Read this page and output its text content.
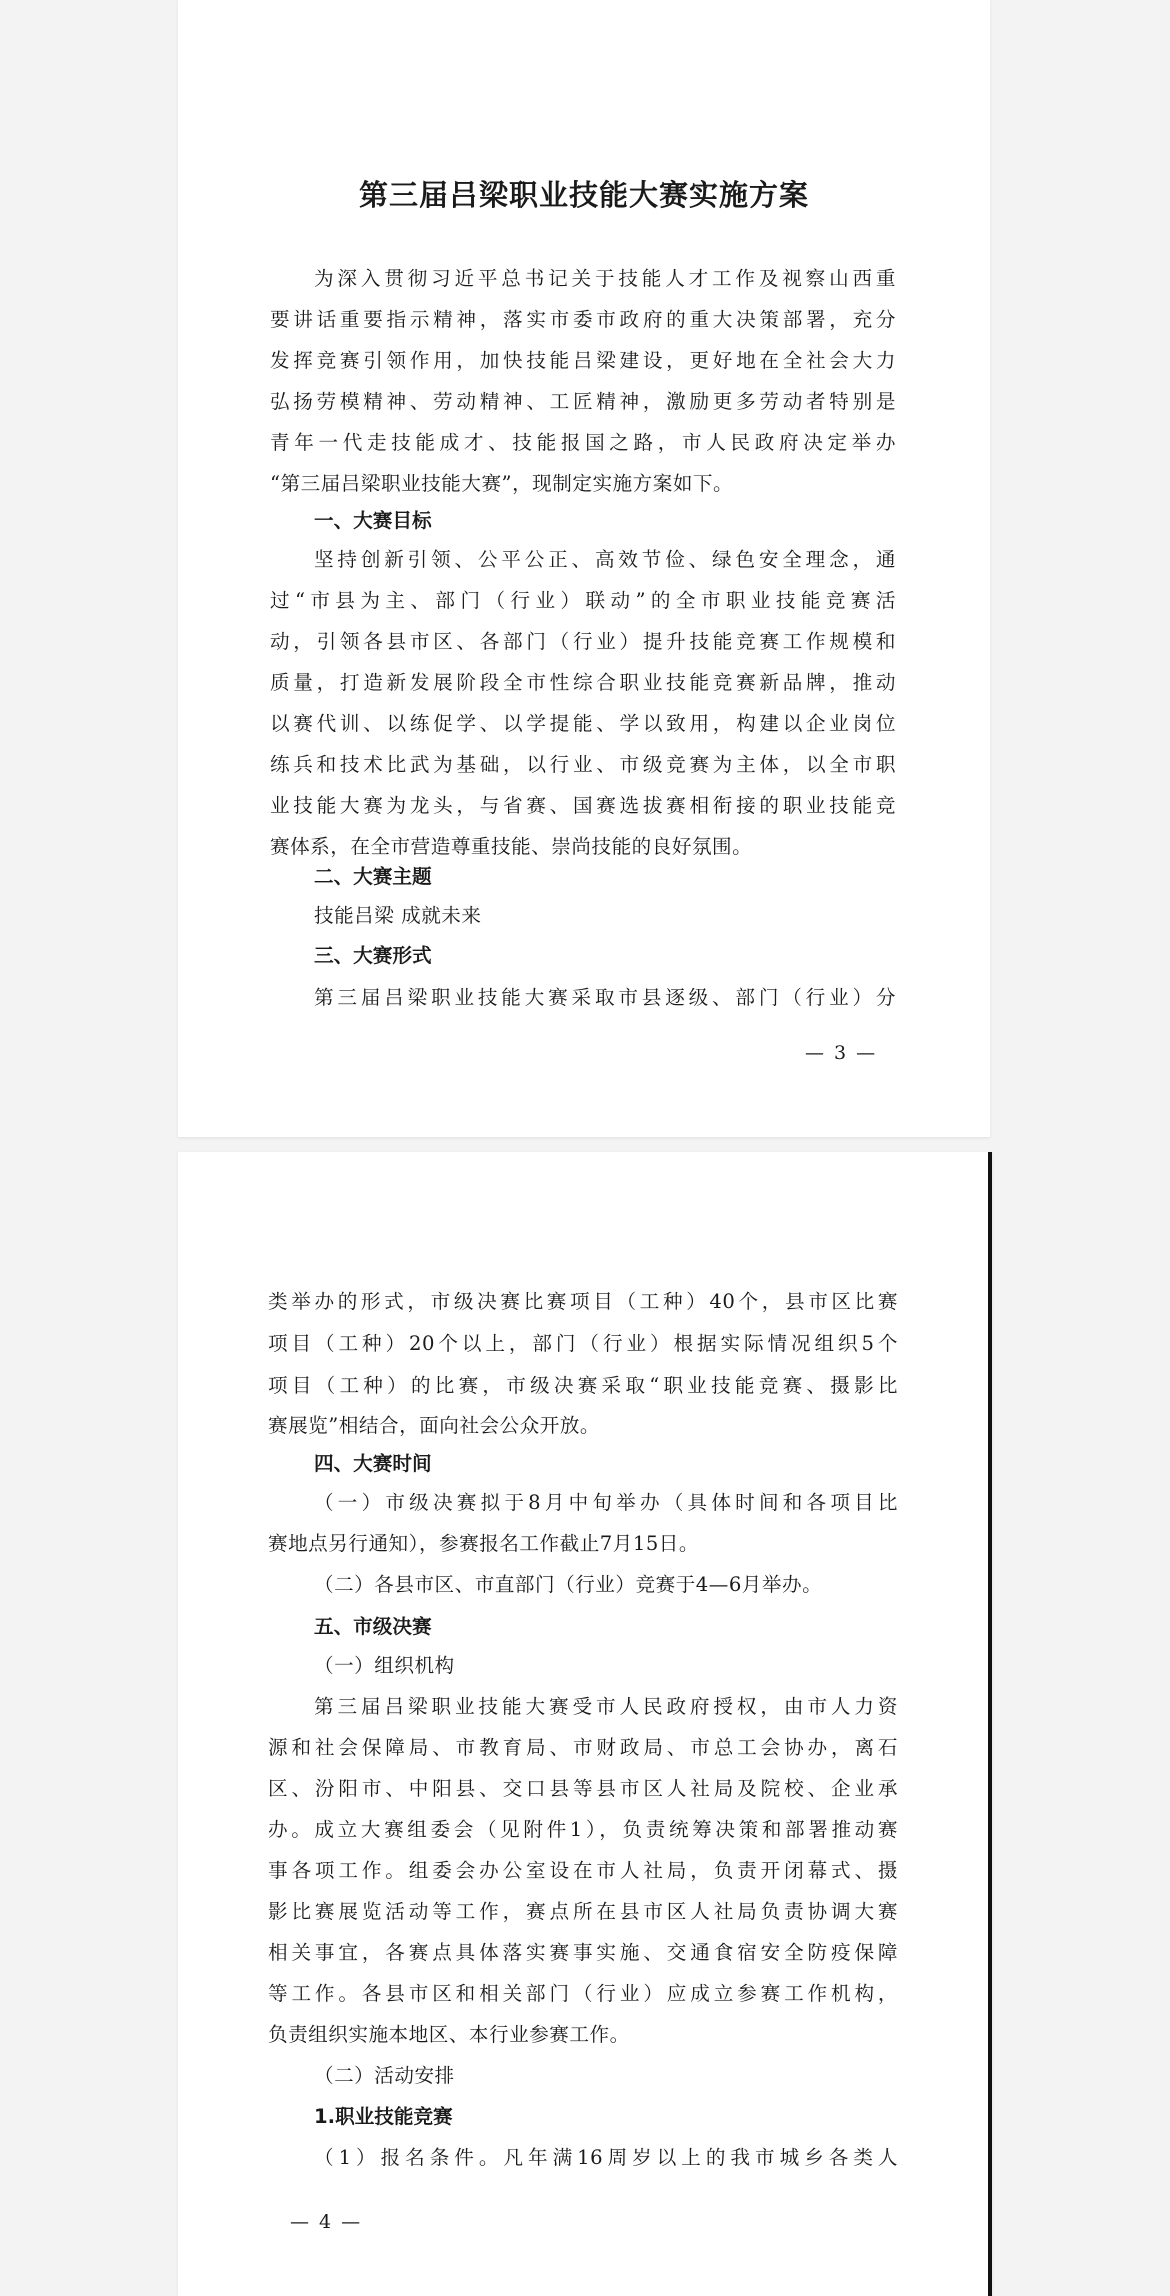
第三届吕梁职业技能大赛实施方案

为深入贯彻习近平总书记关于技能人才工作及视察山西重

要讲话重要指示精神，落实市委市政府的重大决策部署，充分

发挥竞赛引领作用，加快技能吕梁建设，更好地在全社会大力

弘扬劳模精神、劳动精神、工匠精神，激励更多劳动者特别是

青年一代走技能成才、技能报国之路，市人民政府决定举办

“第三届吕梁职业技能大赛”，现制定实施方案如下。

一、大赛目标

坚持创新引领、公平公正、高效节俭、绿色安全理念，通

过“市县为主、部门（行业）联动”的全市职业技能竞赛活

动，引领各县市区、各部门（行业）提升技能竞赛工作规模和

质量，打造新发展阶段全市性综合职业技能竞赛新品牌，推动

以赛代训、以练促学、以学提能、学以致用，构建以企业岗位

练兵和技术比武为基础，以行业、市级竞赛为主体，以全市职

业技能大赛为龙头，与省赛、国赛选拔赛相衔接的职业技能竞

赛体系，在全市营造尊重技能、崇尚技能的良好氛围。

二、大赛主题

技能吕梁 成就未来

三、大赛形式

第三届吕梁职业技能大赛采取市县逐级、部门（行业）分

— 3 —

类举办的形式，市级决赛比赛项目（工种）40个，县市区比赛

项目（工种）20个以上，部门（行业）根据实际情况组织5个

项目（工种）的比赛，市级决赛采取“职业技能竞赛、摄影比

赛展览”相结合，面向社会公众开放。

四、大赛时间

（一）市级决赛拟于8月中旬举办（具体时间和各项目比

赛地点另行通知），参赛报名工作截止7月15日。

（二）各县市区、市直部门（行业）竞赛于4—6月举办。

五、市级决赛

（一）组织机构

第三届吕梁职业技能大赛受市人民政府授权，由市人力资

源和社会保障局、市教育局、市财政局、市总工会协办，离石

区、汾阳市、中阳县、交口县等县市区人社局及院校、企业承

办。成立大赛组委会（见附件1），负责统筹决策和部署推动赛

事各项工作。组委会办公室设在市人社局，负责开闭幕式、摄

影比赛展览活动等工作，赛点所在县市区人社局负责协调大赛

相关事宜，各赛点具体落实赛事实施、交通食宿安全防疫保障

等工作。各县市区和相关部门（行业）应成立参赛工作机构，

负责组织实施本地区、本行业参赛工作。

（二）活动安排

1.职业技能竞赛

（1）报名条件。凡年满16周岁以上的我市城乡各类人

— 4 —
